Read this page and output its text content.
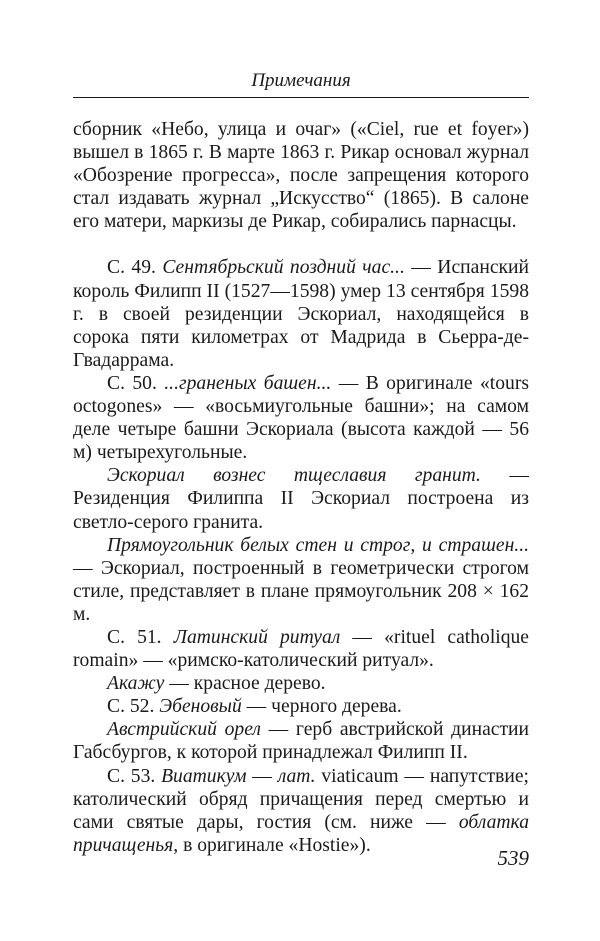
Примечания

сборник «Небо, улица и очаг» («Ciel, rue et foyer») вышел в 1865 г. В марте 1863 г. Рикар основал журнал «Обозрение прогресса», после запрещения которого стал издавать журнал „Искусство“ (1865). В салоне его матери, маркизы де Рикар, собирались парнасцы.

С. 49. Сентябрьский поздний час... — Испанский король Филипп II (1527—1598) умер 13 сентября 1598 г. в своей резиденции Эскориал, находящейся в сорока пяти километрах от Мадрида в Сьерра-де-Гвадаррама.

С. 50. ...граненых башен... — В оригинале «tours octogones» — «восьмиугольные башни»; на самом деле четыре башни Эскориала (высота каждой — 56 м) четырехугольные.

Эскориал вознес тщеславия гранит. — Резиденция Филиппа II Эскориал построена из светло-серого гранита.

Прямоугольник белых стен и строг, и страшен... — Эскориал, построенный в геометрически строгом стиле, представляет в плане прямоугольник 208 × 162 м.

С. 51. Латинский ритуал — «rituel catholique romain» — «римско-католический ритуал».

Акажу — красное дерево.

С. 52. Эбеновый — черного дерева.

Австрийский орел — герб австрийской династии Габсбургов, к которой принадлежал Филипп II.

С. 53. Виатикум — лат. viaticaum — напутствие; католический обряд причащения перед смертью и сами святые дары, гостия (см. ниже — облатка причащенья, в оригинале «Hostie»).

539
